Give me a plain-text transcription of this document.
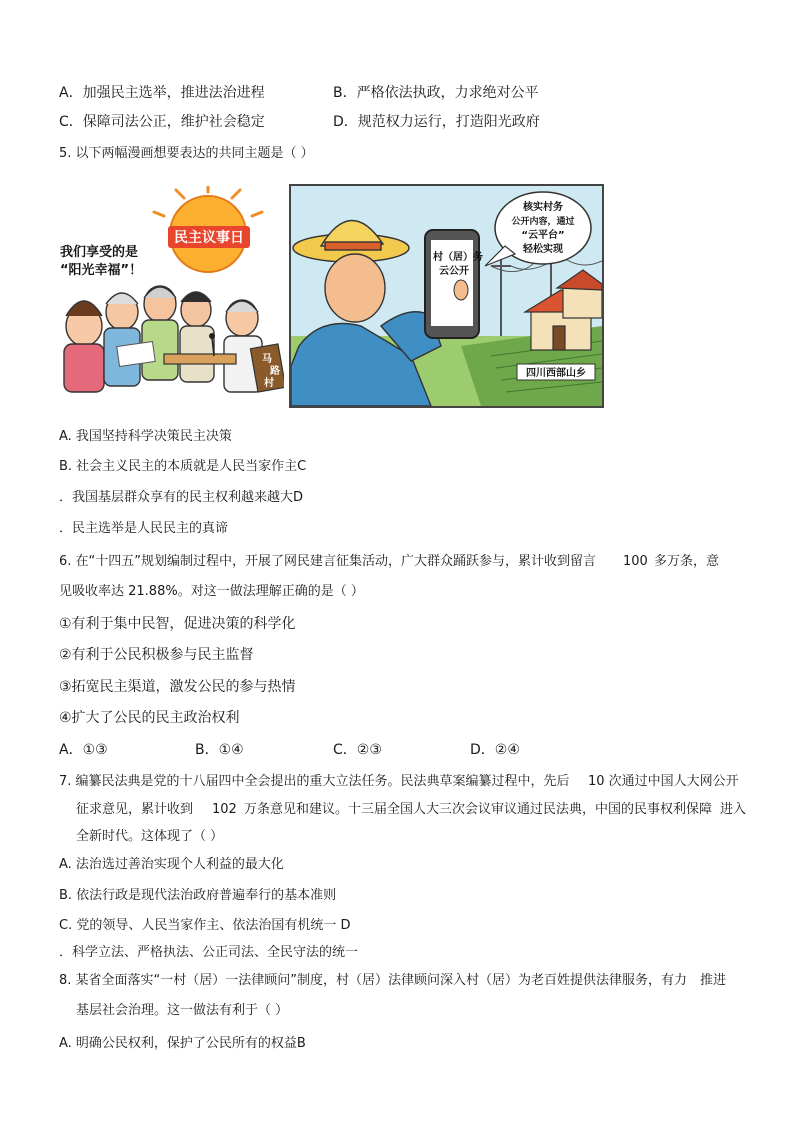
A．加强民主选举，推进法治进程	B．严格依法执政，力求绝对公平
C．保障司法公正，维护社会稳定	D．规范权力运行，打造阳光政府
5. 以下两幅漫画想要表达的共同主题是（ ）
民主议事日
我们享受的是
“阳光幸福”！
马
路
村
村（居）务
云公开
核实村务
公开内容，通过
“云平台”
轻松实现
四川西部山乡
A. 我国坚持科学决策民主决策
B. 社会主义民主的本质就是人民当家作主C
．我国基层群众享有的民主权利越来越大D
．民主选举是人民民主的真谛
6. 在“十四五”规划编制过程中，开展了网民建言征集活动，广大群众踊跃参与，累计收到留言 100 多万条，意
见吸收率达 21.88%。对这一做法理解正确的是（ ）
①有利于集中民智，促进决策的科学化
②有利于公民积极参与民主监督
③拓宽民主渠道，激发公民的参与热情
④扩大了公民的民主政治权利
A．①③	B．①④	C．②③	D．②④
7. 编纂民法典是党的十八届四中全会提出的重大立法任务。民法典草案编纂过程中，先后 10 次通过中国人大网公开
征求意见，累计收到 102 万条意见和建议。十三届全国人大三次会议审议通过民法典，中国的民事权利保障 进入
全新时代。这体现了（ ）
A. 法治选过善治实现个人利益的最大化
B. 依法行政是现代法治政府普遍奉行的基本准则
C. 党的领导、人民当家作主、依法治国有机统一 D
．科学立法、严格执法、公正司法、全民守法的统一
8. 某省全面落实“一村（居）一法律顾问”制度，村（居）法律顾问深入村（居）为老百姓提供法律服务，有力 推进
基层社会治理。这一做法有利于（ ）
A. 明确公民权利，保护了公民所有的权益B
